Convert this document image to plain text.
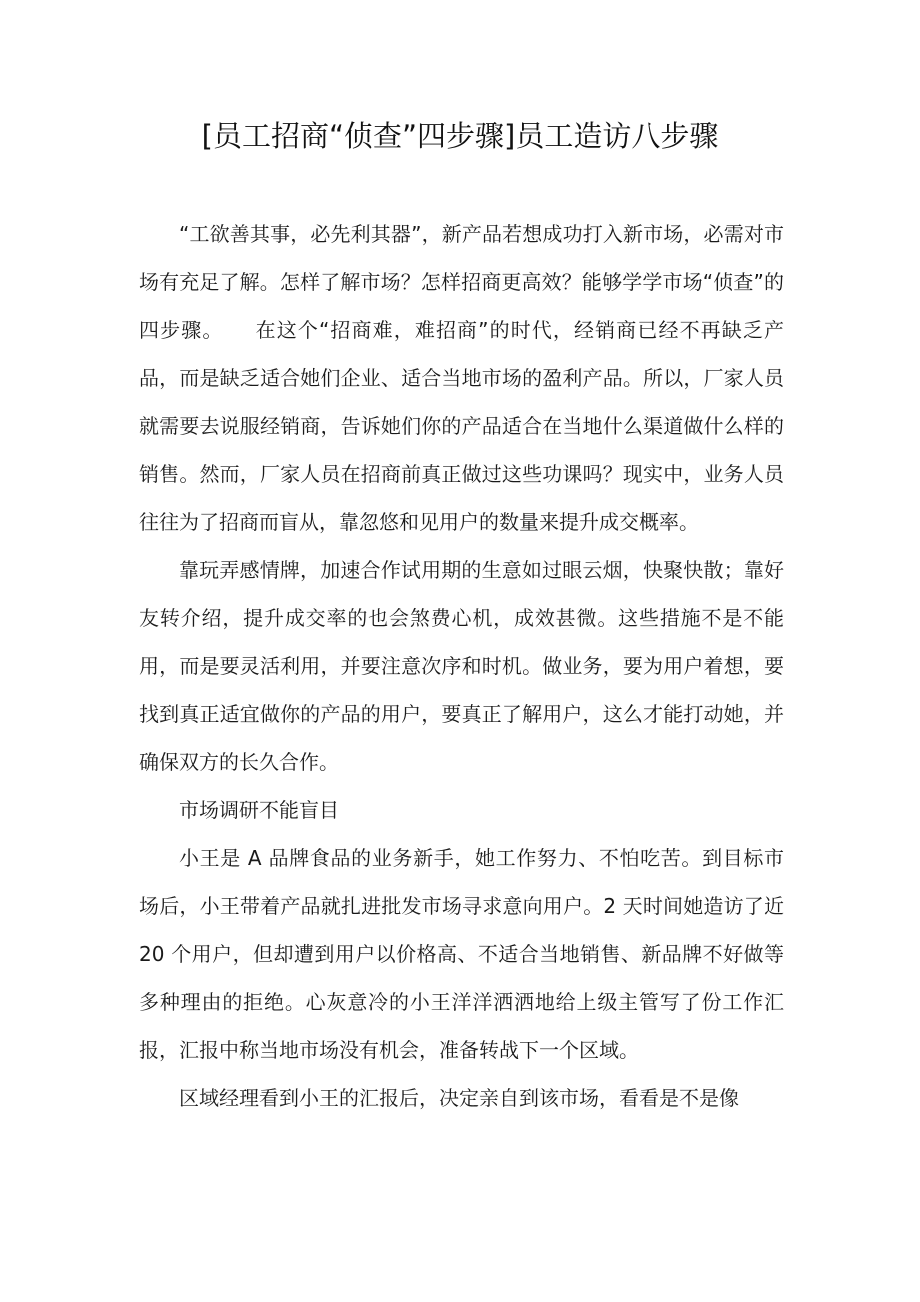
[员工招商“侦查”四步骤]员工造访八步骤

“工欲善其事，必先利其器”，新产品若想成功打入新市场，必需对市场有充足了解。怎样了解市场？怎样招商更高效？能够学学市场“侦查”的四步骤。　　在这个“招商难，难招商”的时代，经销商已经不再缺乏产品，而是缺乏适合她们企业、适合当地市场的盈利产品。所以，厂家人员就需要去说服经销商，告诉她们你的产品适合在当地什么渠道做什么样的销售。然而，厂家人员在招商前真正做过这些功课吗？现实中，业务人员往往为了招商而盲从，靠忽悠和见用户的数量来提升成交概率。

靠玩弄感情牌，加速合作试用期的生意如过眼云烟，快聚快散；靠好友转介绍，提升成交率的也会煞费心机，成效甚微。这些措施不是不能用，而是要灵活利用，并要注意次序和时机。做业务，要为用户着想，要找到真正适宜做你的产品的用户，要真正了解用户，这么才能打动她，并确保双方的长久合作。

市场调研不能盲目

小王是 A 品牌食品的业务新手，她工作努力、不怕吃苦。到目标市场后，小王带着产品就扎进批发市场寻求意向用户。2 天时间她造访了近 20 个用户，但却遭到用户以价格高、不适合当地销售、新品牌不好做等多种理由的拒绝。心灰意冷的小王洋洋洒洒地给上级主管写了份工作汇报，汇报中称当地市场没有机会，准备转战下一个区域。

区域经理看到小王的汇报后，决定亲自到该市场，看看是不是像
